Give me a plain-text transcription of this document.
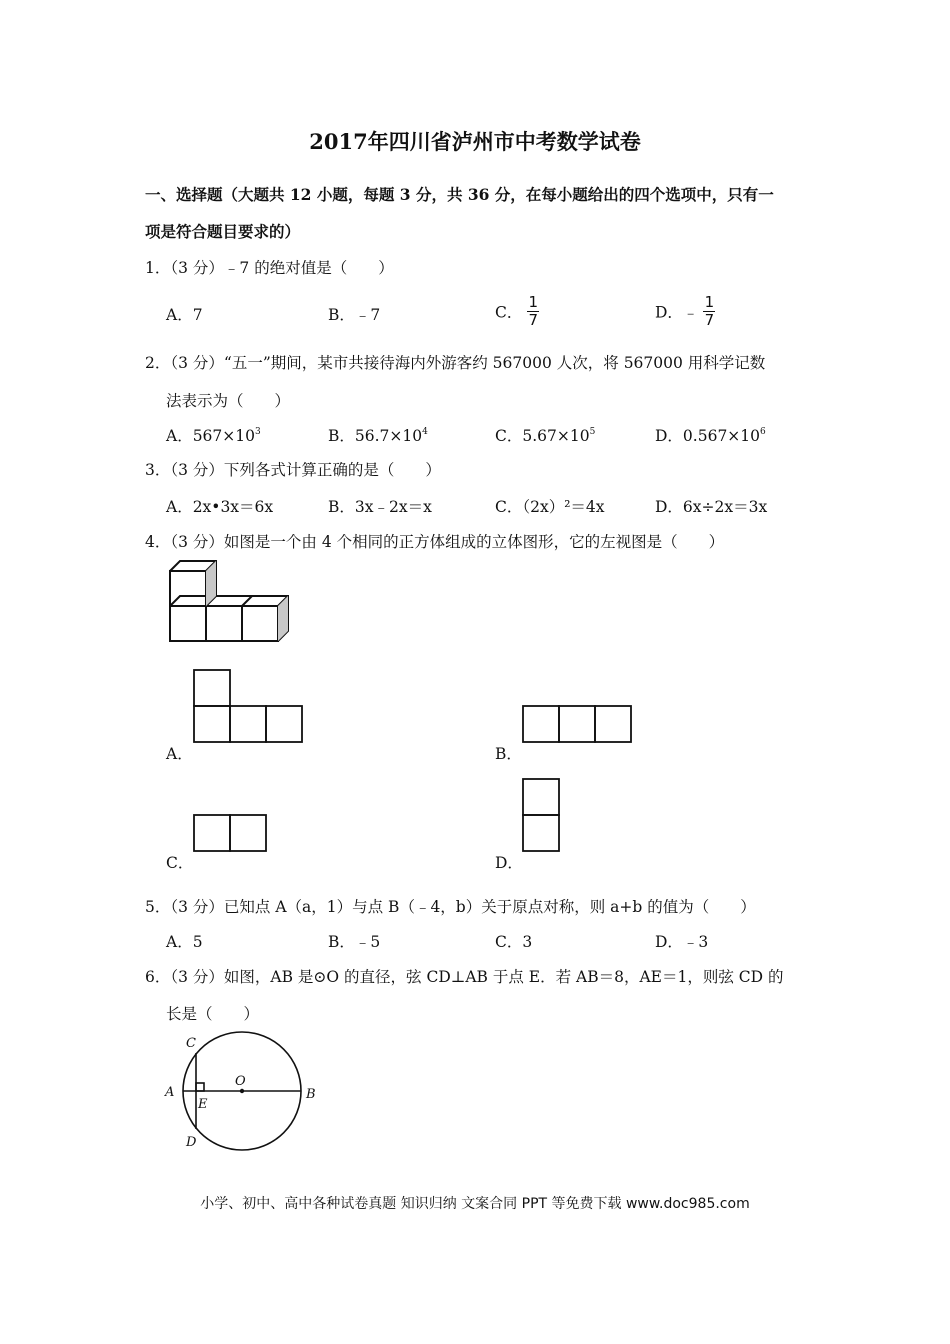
2017年四川省泸州市中考数学试卷
一、选择题（大题共 12 小题，每题 3 分，共 36 分，在每小题给出的四个选项中，只有一
项是符合题目要求的）
1．（3 分）﹣7 的绝对值是（　　）
A．7	B．﹣7	C． $\frac{1}{7}$	D．﹣ $\frac{1}{7}$
2．（3 分）“五一”期间，某市共接待海内外游客约 567000 人次，将 567000 用科学记数
法表示为（　　）
A．$567\times 10^3$	B．$56.7\times 10^4$	C．$5.67\times 10^5$	D．$0.567\times 10^6$
3．（3 分）下列各式计算正确的是（　　）
A．2x•3x＝6x	B．3x﹣2x＝x	C．（2x）²＝4x	D．6x÷2x＝3x
4．（3 分）如图是一个由 4 个相同的正方体组成的立体图形，它的左视图是（　　）
A．	B．
C．	D．
5．（3 分）已知点 A（a，1）与点 B（﹣4，b）关于原点对称，则 a+b 的值为（　　）
A．5	B．﹣5	C．3	D．﹣3
6．（3 分）如图，AB 是⊙O 的直径，弦 CD⊥AB 于点 E．若 AB＝8，AE＝1，则弦 CD 的
长是（　　）
C
A
E
O
B
D
小学、初中、高中各种试卷真题 知识归纳 文案合同 PPT 等免费下载 www.doc985.com
